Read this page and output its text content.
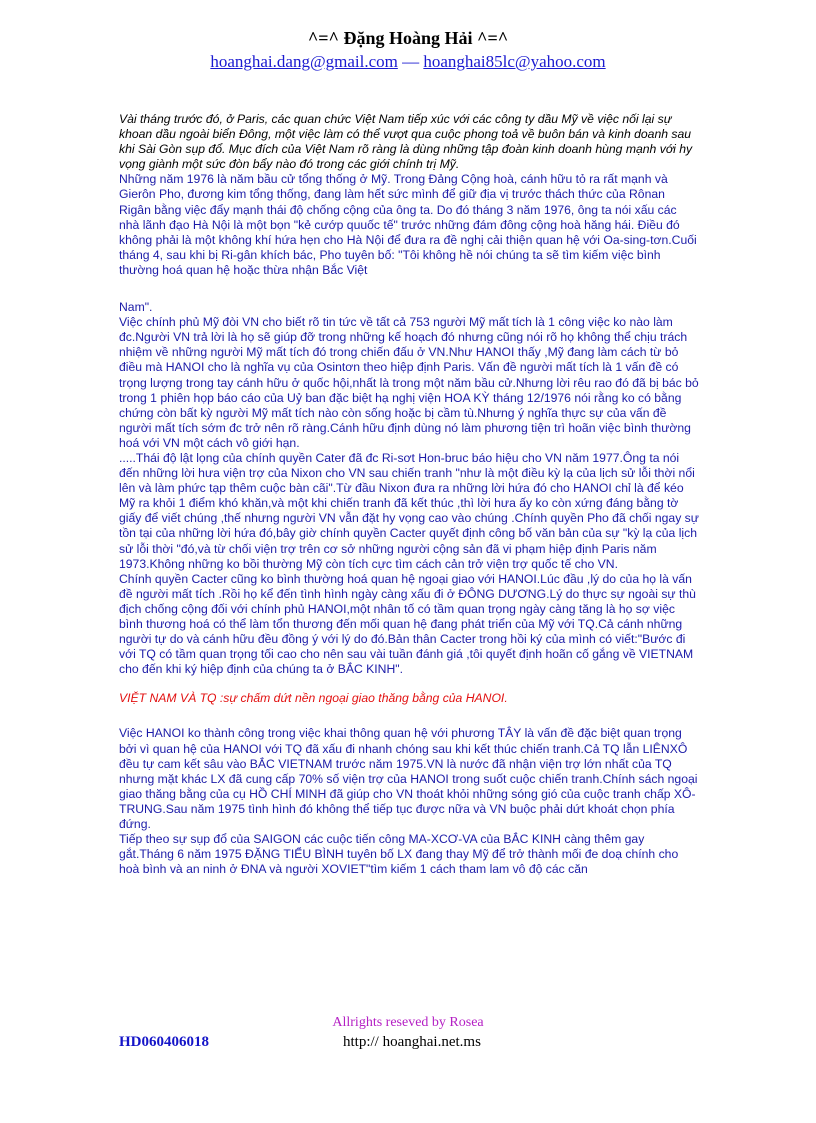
^=^ Đặng Hoàng Hải ^=^
hoanghai.dang@gmail.com — hoanghai85lc@yahoo.com

Vài tháng trước đó, ở Paris, các quan chức Việt Nam tiếp xúc với các công ty dầu Mỹ về việc nối lại sự khoan dầu ngoài biển Đông, một việc làm có thể vượt qua cuộc phong toả về buôn bán và kinh doanh sau khi Sài Gòn sụp đổ. Mục đích của Việt Nam rõ ràng là dùng những tập đoàn kinh doanh hùng mạnh với hy vọng giành một sức đòn bẩy nào đó trong các giới chính trị Mỹ.

Những năm 1976 là năm bầu cử tổng thống ở Mỹ. Trong Đảng Cộng hoà, cánh hữu tỏ ra rất mạnh và Gierôn Pho, đương kim tổng thống, đang làm hết sức mình để giữ địa vị trước thách thức của Rônan Rigân bằng việc đẩy mạnh thái độ chống cộng của ông ta. Do đó tháng 3 năm 1976, ông ta nói xấu các nhà lãnh đạo Hà Nội là một bọn "kẻ cướp quuốc tế" trước những đám đông cộng hoà hăng hái. Điều đó không phải là một không khí hứa hẹn cho Hà Nội để đưa ra đề nghị cải thiện quan hệ với Oa-sing-tơn.Cuối tháng 4, sau khi bị Ri-gân khích bác, Pho tuyên bố: "Tôi không hề nói chúng ta sẽ tìm kiếm việc bình thường hoá quan hệ hoặc thừa nhận Bắc Việt

Nam".

Việc chính phủ Mỹ đòi VN cho biết rõ tin tức về tất cả 753 người Mỹ mất tích là 1 công việc ko nào làm đc.Người VN trả lời là họ sẽ giúp đỡ trong những kế hoạch đó nhưng cũng nói rõ họ không thể chịu trách nhiệm về những người Mỹ mất tích đó trong chiến đấu ở VN.Như HANOI thấy ,Mỹ đang làm cách từ bỏ điều mà HANOI cho là nghĩa vụ của Osintơn theo hiệp định Paris. Vấn đề người mất tích là 1 vấn đề có trọng lượng trong tay cánh hữu ở quốc hội,nhất là trong một năm bầu cử.Nhưng lời rêu rao đó đã bị bác bỏ trong 1 phiên họp báo cáo của Uỷ ban đặc biệt hạ nghị viện HOA KỲ tháng 12/1976 nói rằng ko có bằng chứng còn bất kỳ người Mỹ mất tích nào còn sống hoặc bị cầm tù.Nhưng ý nghĩa thực sự của vấn đề người mất tích sớm đc trở nên rõ ràng.Cánh hữu định dùng nó làm phương tiện trì hoãn việc bình thường hoá với VN một cách vô giới hạn.

.....Thái độ lật lọng của chính quyền Cater đã đc Ri-sơt Hon-bruc báo hiệu cho VN năm 1977.Ông ta nói đến những lời hưa viện trợ của Nixon cho VN sau chiến tranh "như là một điều kỳ lạ của lịch sử lỗi thời nổi lên và làm phức tạp thêm cuộc bàn cãi".Từ đầu Nixon đưa ra những lời hứa đó cho HANOI chỉ là để kéo Mỹ ra khỏi 1 điểm khó khăn,và một khi chiến tranh đã kết thúc ,thì lời hưa ấy ko còn xứng đáng bằng tờ giấy để viết chúng ,thế nhưng người VN vẫn đặt hy vọng cao vào chúng .Chính quyền Pho đã chối ngay sự tồn tại của những lời hứa đó,bây giờ chính quyền Cacter quyết định công bố văn bản của sự "kỳ lạ của lịch sử lỗi thời "đó,và từ chối viện trợ trên cơ sở những người cộng sản đã vi phạm hiệp định Paris năm 1973.Không những ko bồi thường Mỹ còn tích cực tìm cách cản trở viện trợ quốc tế cho VN.

Chính quyền Cacter cũng ko bình thường hoá quan hệ ngoại giao với HANOI.Lúc đầu ,lý do của họ là vấn đề người mất tích .Rồi họ kể đến tình hình ngày càng xấu đi ở ĐÔNG DƯƠNG.Lý do thực sự ngoài sự thù địch chống cộng đối với chính phủ HANOI,một nhân tố có tầm quan trọng ngày càng tăng là họ sợ việc bình thương hoá có thể làm tổn thương đến mối quan hệ đang phát triển của Mỹ với TQ.Cả cánh những người tự do và cánh hữu đều đồng ý với lý do đó.Bản thân Cacter trong hồi ký của mình có viết:"Bước đi với TQ có tầm quan trọng tối cao cho nên sau vài tuần đánh giá ,tôi quyết định hoãn cố gắng về VIETNAM cho đến khi ký hiệp định của chúng ta ở BẮC KINH".

VIỆT NAM VÀ TQ :sự chấm dứt nền ngoại giao thăng bằng của HANOI.

Việc HANOI ko thành công trong việc khai thông quan hệ với phương TÂY là vấn đề đặc biệt quan trọng bởi vì quan hệ của HANOI với TQ đã xấu đi nhanh chóng sau khi kết thúc chiến tranh.Cả TQ lẫn LIÊNXÔ đều tự cam kết sâu vào BẮC VIETNAM trước năm 1975.VN là nước đã nhận viện trợ lớn nhất của TQ nhưng mặt khác LX đã cung cấp 70% số viện trợ của HANOI trong suốt cuộc chiến tranh.Chính sách ngoại giao thăng bằng của cụ HỒ CHÍ MINH đã giúp cho VN thoát khỏi những sóng gió của cuộc tranh chấp XÔ-TRUNG.Sau năm 1975 tình hình đó không thể tiếp tục được nữa và VN buộc phải dứt khoát chọn phía đứng.

Tiếp theo sự sụp đổ của SAIGON các cuộc tiến công MA-XCƠ-VA của BẮC KINH càng thêm gay gắt.Tháng 6 năm 1975 ĐẶNG TIỂU BÌNH tuyên bố LX đang thay Mỹ để trở thành mối đe doạ chính cho hoà bình và an ninh ở ĐNA và người XOVIET"tìm kiếm 1 cách tham lam vô độ các căn

Allrights reseved by Rosea
HD060406018	http:// hoanghai.net.ms
